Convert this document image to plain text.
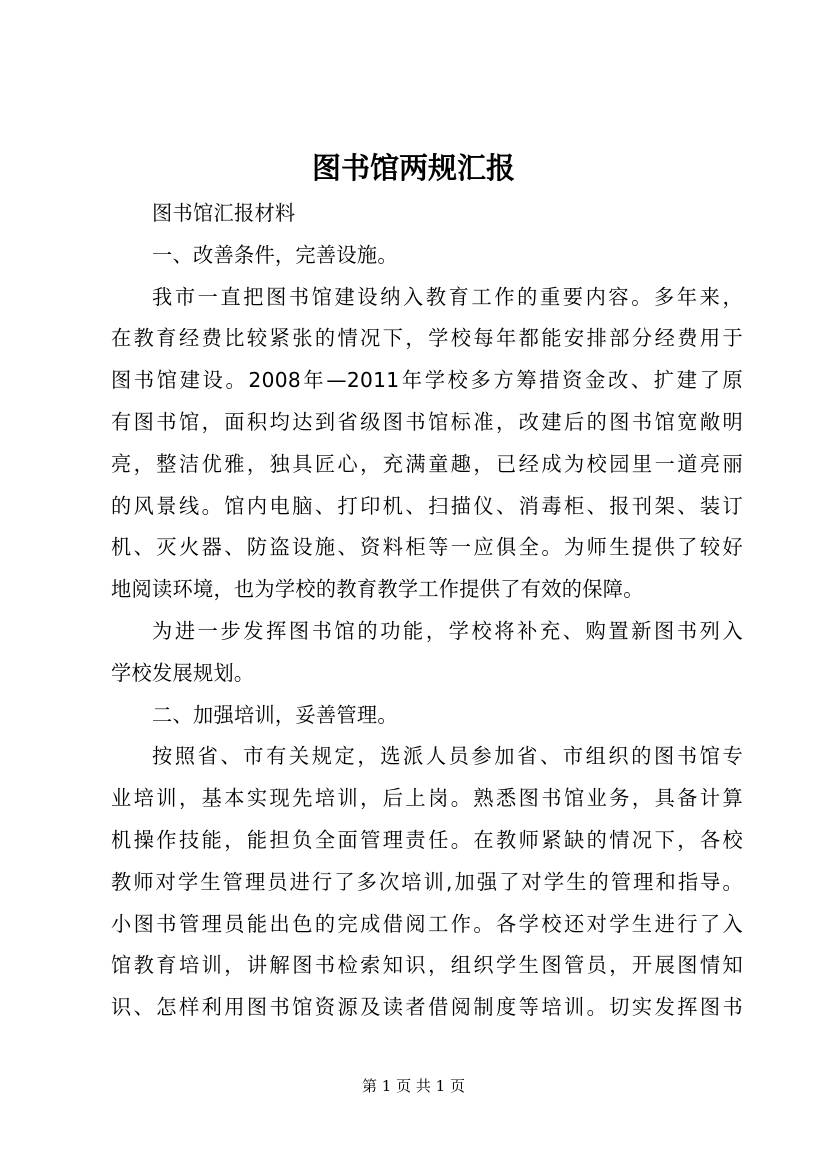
图书馆两规汇报
图书馆汇报材料
一、改善条件，完善设施。
我市一直把图书馆建设纳入教育工作的重要内容。多年来，
在教育经费比较紧张的情况下，学校每年都能安排部分经费用于
图书馆建设。2008年—2011年学校多方筹措资金改、扩建了原
有图书馆，面积均达到省级图书馆标准，改建后的图书馆宽敞明
亮，整洁优雅，独具匠心，充满童趣，已经成为校园里一道亮丽
的风景线。馆内电脑、打印机、扫描仪、消毒柜、报刊架、装订
机、灭火器、防盗设施、资料柜等一应俱全。为师生提供了较好
地阅读环境，也为学校的教育教学工作提供了有效的保障。
为进一步发挥图书馆的功能，学校将补充、购置新图书列入
学校发展规划。
二、加强培训，妥善管理。
按照省、市有关规定，选派人员参加省、市组织的图书馆专
业培训，基本实现先培训，后上岗。熟悉图书馆业务，具备计算
机操作技能，能担负全面管理责任。在教师紧缺的情况下，各校
教师对学生管理员进行了多次培训,加强了对学生的管理和指导。
小图书管理员能出色的完成借阅工作。各学校还对学生进行了入
馆教育培训，讲解图书检索知识，组织学生图管员，开展图情知
识、怎样利用图书馆资源及读者借阅制度等培训。切实发挥图书
第 1 页 共 1 页
